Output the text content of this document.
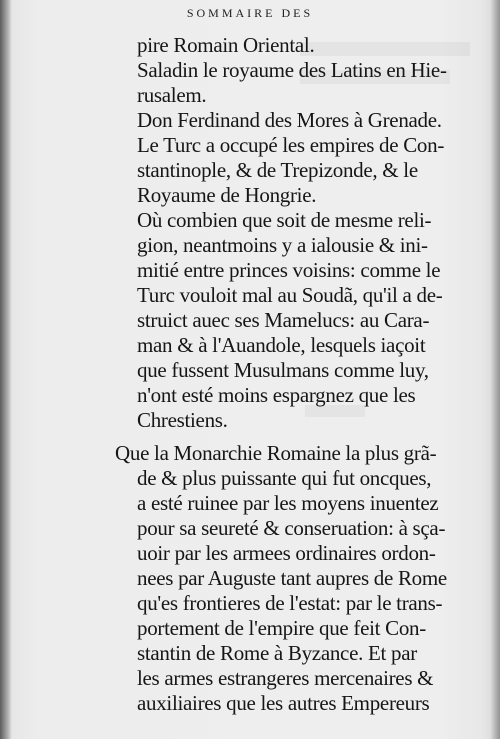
SOMMAIRE DES
pire Romain Oriental.
Saladin le royaume des Latins en Hie-
rusalem.
Don Ferdinand des Mores à Grenade.
Le Turc a occupé les empires de Con-
stantinople, & de Trepizonde, & le
Royaume de Hongrie.
Où combien que soit de mesme reli-
gion, neantmoins y a ialousie & ini-
mitié entre princes voisins: comme le
Turc vouloit mal au Soudã, qu'il a de-
struict auec ses Mamelucs: au Cara-
man & à l'Auandole, lesquels iaçoit
que fussent Musulmans comme luy,
n'ont esté moins espargnez que les
Chrestiens.
Que la Monarchie Romaine la plus grã-
de & plus puissante qui fut oncques,
a esté ruinee par les moyens inuentez
pour sa seureté & conseruation: à sça-
uoir par les armees ordinaires ordon-
nees par Auguste tant aupres de Rome
qu'es frontieres de l'estat: par le trans-
portement de l'empire que feit Con-
stantin de Rome à Byzance. Et par
les armes estrangeres mercenaires &
auxiliaires que les autres Empereurs
